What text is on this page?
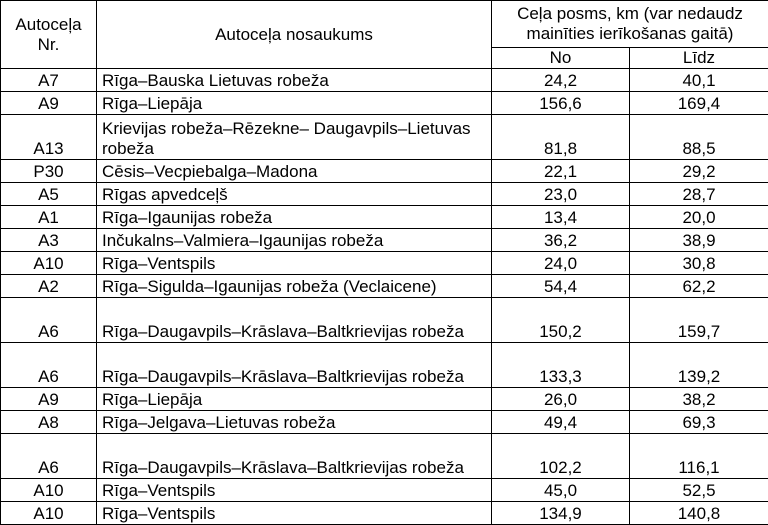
Autoceļa Nr.	Autoceļa nosaukums	Ceļa posms, km (var nedaudz mainīties ierīkošanas gaitā)	
		No	Līdz
A7	Rīga–Bauska Lietuvas robeža	24,2	40,1
A9	Rīga–Liepāja	156,6	169,4
A13	Krievijas robeža–Rēzekne– Daugavpils–Lietuvas robeža	81,8	88,5
P30	Cēsis–Vecpiebalga–Madona	22,1	29,2
A5	Rīgas apvedceļš	23,0	28,7
A1	Rīga–Igaunijas robeža	13,4	20,0
A3	Inčukalns–Valmiera–Igaunijas robeža	36,2	38,9
A10	Rīga–Ventspils	24,0	30,8
A2	Rīga–Sigulda–Igaunijas robeža (Veclaicene)	54,4	62,2
A6	Rīga–Daugavpils–Krāslava–Baltkrievijas robeža	150,2	159,7
A6	Rīga–Daugavpils–Krāslava–Baltkrievijas robeža	133,3	139,2
A9	Rīga–Liepāja	26,0	38,2
A8	Rīga–Jelgava–Lietuvas robeža	49,4	69,3
A6	Rīga–Daugavpils–Krāslava–Baltkrievijas robeža	102,2	116,1
A10	Rīga–Ventspils	45,0	52,5
A10	Rīga–Ventspils	134,9	140,8
